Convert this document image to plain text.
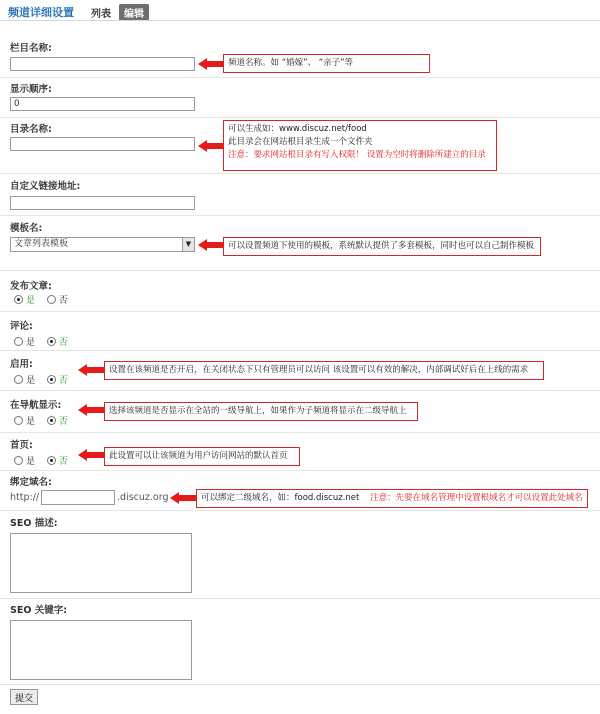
频道详细设置 列表	编辑
栏目名称:
显示顺序:
0
目录名称:
自定义链接地址:
模板名:
文章列表模板	▼
发布文章:
是	否
评论:
是	否
启用:
是	否
在导航显示:
是	否
首页:
是	否
绑定域名:
http://	.discuz.org
SEO 描述:
SEO 关键字:
提交
频道名称。如 “婚嫁”、 “亲子”等
可以生成如：www.discuz.net/food
此目录会在网站根目录生成一个文件夹
注意：要求网站根目录有写入权限！ 设置为空时将删除所建立的目录
可以设置频道下使用的模板，系统默认提供了多套模板，同时也可以自己制作模板
设置在该频道是否开启，在关闭状态下只有管理员可以访问 该设置可以有效的解决，内部调试好后在上线的需求
选择该频道是否显示在全站的一级导航上，如果作为子频道将显示在二级导航上
此设置可以让该频道为用户访问网站的默认首页
可以绑定二级域名，如：food.discuz.net 注意：先要在域名管理中设置根域名才可以设置此处域名
